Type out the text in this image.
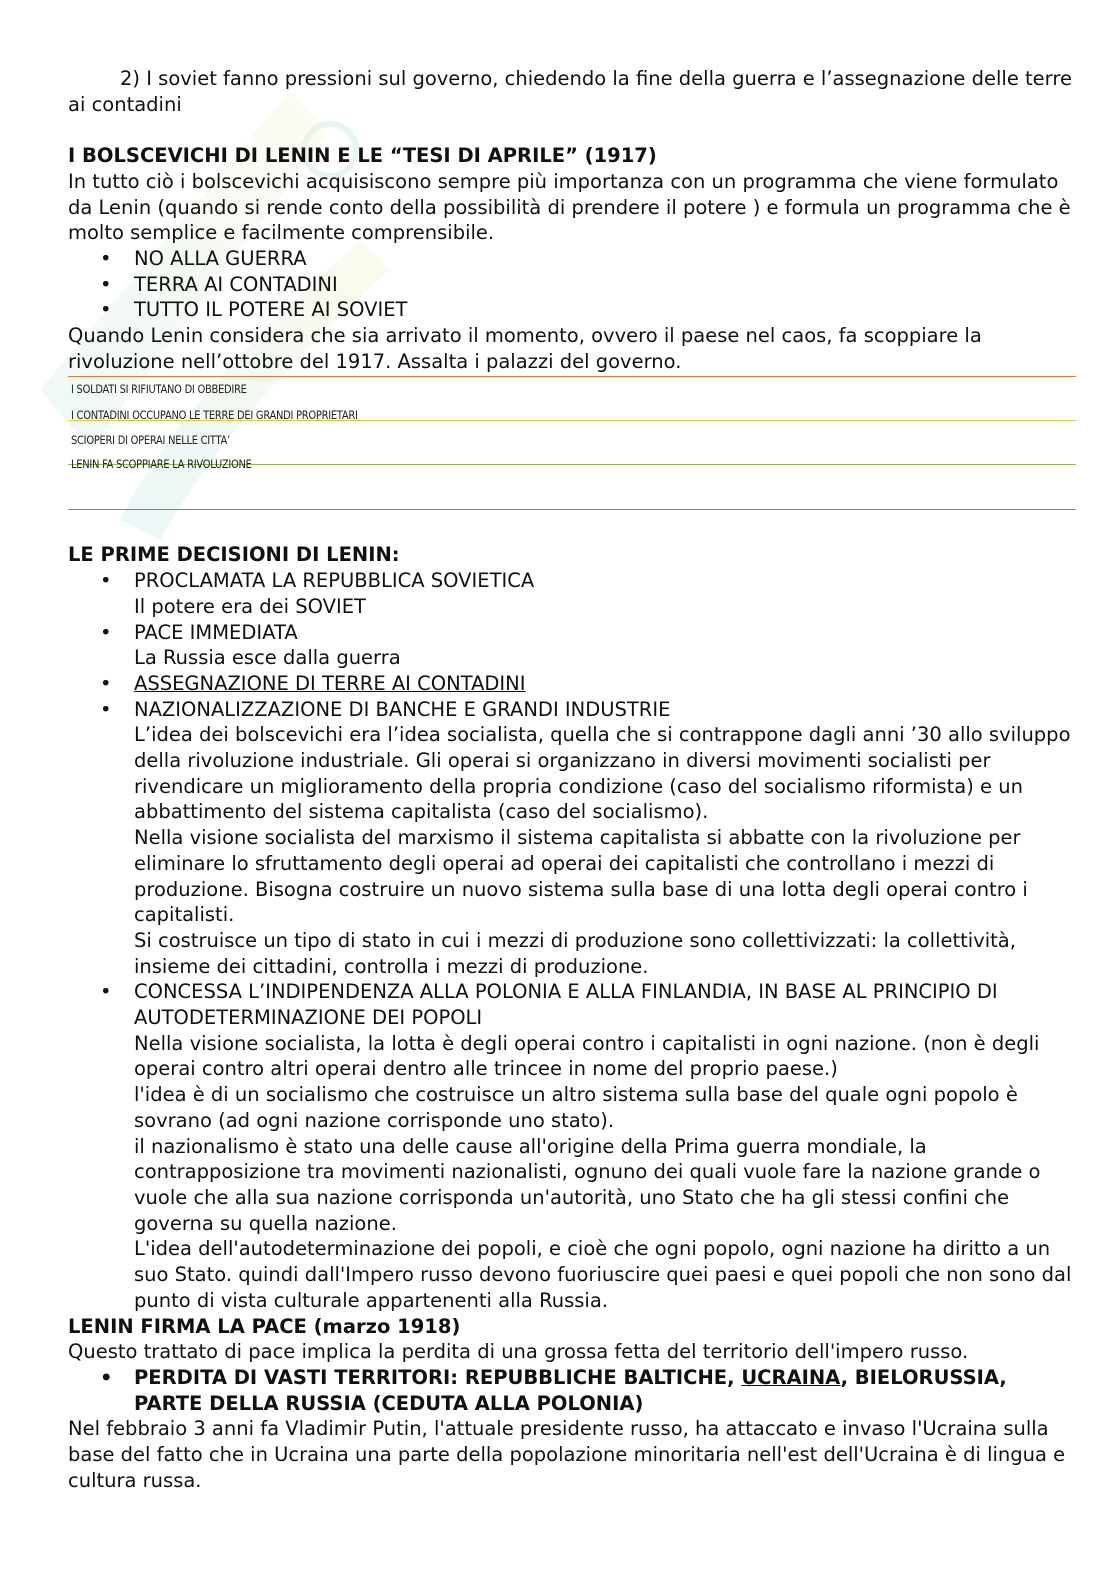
2) I soviet fanno pressioni sul governo, chiedendo la fine della guerra e l’assegnazione delle terre ai contadini

I BOLSCEVICHI DI LENIN E LE “TESI DI APRILE” (1917)

In tutto ciò i bolscevichi acquisiscono sempre più importanza con un programma che viene formulato da Lenin (quando si rende conto della possibilità di prendere il potere ) e formula un programma che è molto semplice e facilmente comprensibile.

• NO ALLA GUERRA
• TERRA AI CONTADINI
• TUTTO IL POTERE AI SOVIET

Quando Lenin considera che sia arrivato il momento, ovvero il paese nel caos, fa scoppiare la rivoluzione nell’ottobre del 1917. Assalta i palazzi del governo.

I SOLDATI SI RIFIUTANO DI OBBEDIRE
I CONTADINI OCCUPANO LE TERRE DEI GRANDI PROPRIETARI
SCIOPERI DI OPERAI NELLE CITTA’
LENIN FA SCOPPIARE LA RIVOLUZIONE

LE PRIME DECISIONI DI LENIN:

• PROCLAMATA LA REPUBBLICA SOVIETICA
Il potere era dei SOVIET
• PACE IMMEDIATA
La Russia esce dalla guerra
• ASSEGNAZIONE DI TERRE AI CONTADINI
• NAZIONALIZZAZIONE DI BANCHE E GRANDI INDUSTRIE
L’idea dei bolscevichi era l’idea socialista, quella che si contrappone dagli anni ’30 allo sviluppo della rivoluzione industriale. Gli operai si organizzano in diversi movimenti socialisti per rivendicare un miglioramento della propria condizione (caso del socialismo riformista) e un abbattimento del sistema capitalista (caso del socialismo).
Nella visione socialista del marxismo il sistema capitalista si abbatte con la rivoluzione per eliminare lo sfruttamento degli operai ad operai dei capitalisti che controllano i mezzi di produzione. Bisogna costruire un nuovo sistema sulla base di una lotta degli operai contro i capitalisti.
Si costruisce un tipo di stato in cui i mezzi di produzione sono collettivizzati: la collettività, insieme dei cittadini, controlla i mezzi di produzione.
• CONCESSA L’INDIPENDENZA ALLA POLONIA E ALLA FINLANDIA, IN BASE AL PRINCIPIO DI AUTODETERMINAZIONE DEI POPOLI
Nella visione socialista, la lotta è degli operai contro i capitalisti in ogni nazione. (non è degli operai contro altri operai dentro alle trincee in nome del proprio paese.)
l'idea è di un socialismo che costruisce un altro sistema sulla base del quale ogni popolo è sovrano (ad ogni nazione corrisponde uno stato).
il nazionalismo è stato una delle cause all'origine della Prima guerra mondiale, la contrapposizione tra movimenti nazionalisti, ognuno dei quali vuole fare la nazione grande o vuole che alla sua nazione corrisponda un'autorità, uno Stato che ha gli stessi confini che governa su quella nazione.
L'idea dell'autodeterminazione dei popoli, e cioè che ogni popolo, ogni nazione ha diritto a un suo Stato. quindi dall'Impero russo devono fuoriuscire quei paesi e quei popoli che non sono dal punto di vista culturale appartenenti alla Russia.

LENIN FIRMA LA PACE (marzo 1918)

Questo trattato di pace implica la perdita di una grossa fetta del territorio dell'impero russo.

• PERDITA DI VASTI TERRITORI: REPUBBLICHE BALTICHE, UCRAINA, BIELORUSSIA, PARTE DELLA RUSSIA (CEDUTA ALLA POLONIA)

Nel febbraio 3 anni fa Vladimir Putin, l'attuale presidente russo, ha attaccato e invaso l'Ucraina sulla base del fatto che in Ucraina una parte della popolazione minoritaria nell'est dell'Ucraina è di lingua e cultura russa.
